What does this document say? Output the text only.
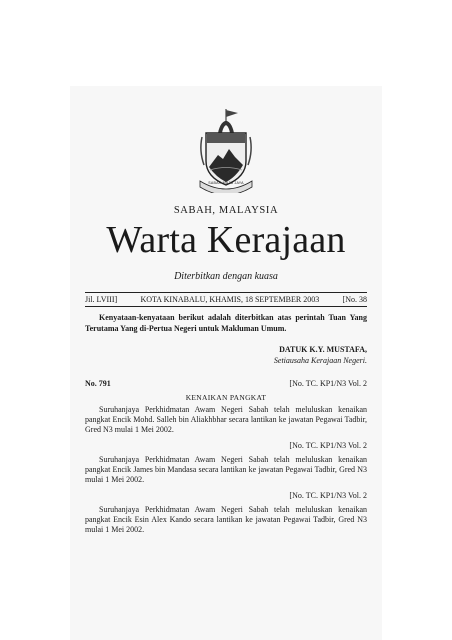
SABAH MAJU JAYA
SABAH, MALAYSIA
Warta Kerajaan
Diterbitkan dengan kuasa
Jil. LVIII]	KOTA KINABALU, KHAMIS, 18 SEPTEMBER 2003	[No. 38
Kenyataan-kenyataan berikut adalah diterbitkan atas perintah Tuan Yang Terutama Yang di-Pertua Negeri untuk Makluman Umum.
DATUK K.Y. MUSTAFA,
Setiausaha Kerajaan Negeri.
No. 791	[No. TC. KP1/N3 Vol. 2
KENAIKAN PANGKAT
Suruhanjaya Perkhidmatan Awam Negeri Sabah telah meluluskan kenaikan pangkat Encik Mohd. Salleh bin Aliakhbhar secara lantikan ke jawatan Pegawai Tadbir, Gred N3 mulai 1 Mei 2002.
[No. TC. KP1/N3 Vol. 2
Suruhanjaya Perkhidmatan Awam Negeri Sabah telah meluluskan kenaikan pangkat Encik James bin Mandasa secara lantikan ke jawatan Pegawai Tadbir, Gred N3 mulai 1 Mei 2002.
[No. TC. KP1/N3 Vol. 2
Suruhanjaya Perkhidmatan Awam Negeri Sabah telah meluluskan kenaikan pangkat Encik Esin Alex Kando secara lantikan ke jawatan Pegawai Tadbir, Gred N3 mulai 1 Mei 2002.
